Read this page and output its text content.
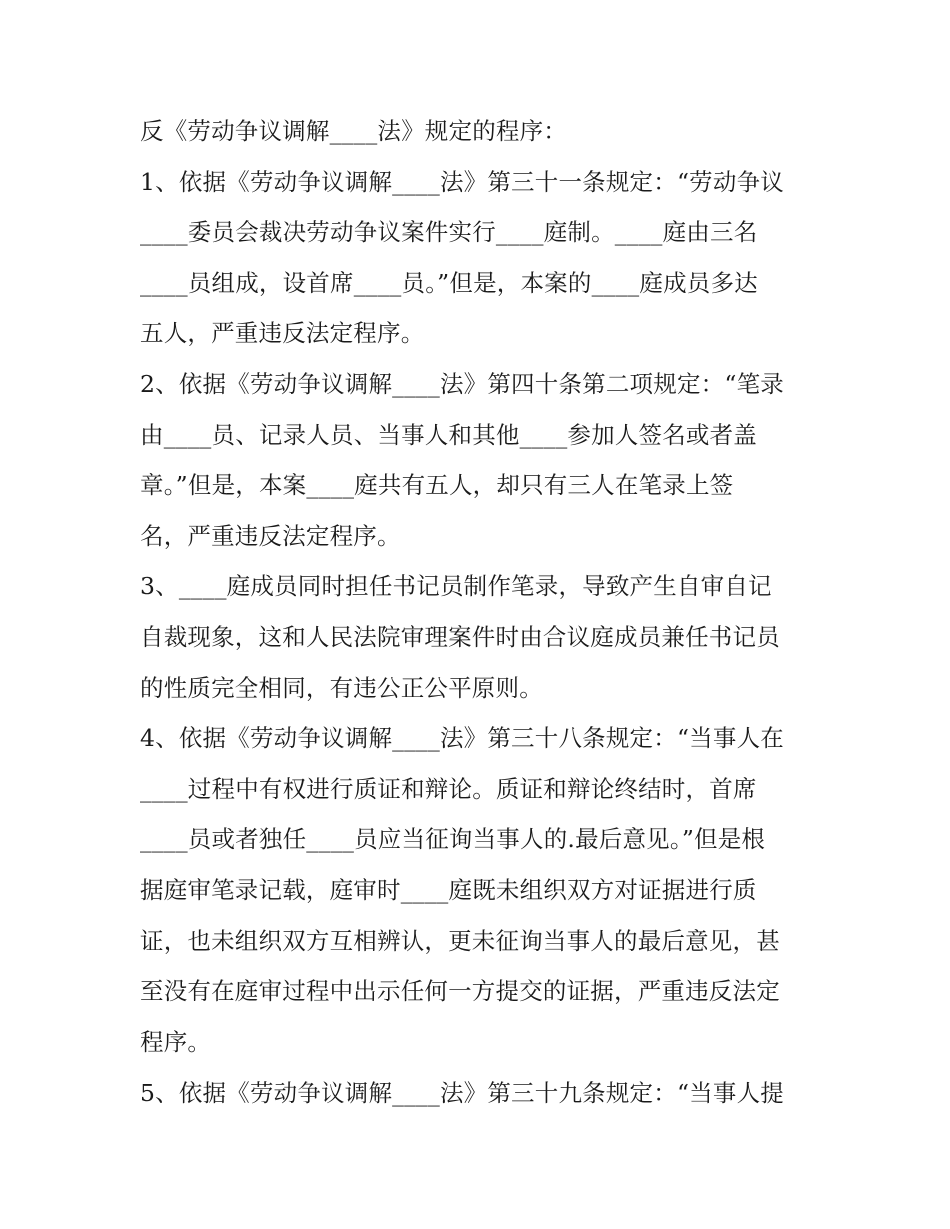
反《劳动争议调解____法》规定的程序：
1、依据《劳动争议调解____法》第三十一条规定：“劳动争议
____委员会裁决劳动争议案件实行____庭制。____庭由三名
____员组成，设首席____员。”但是，本案的____庭成员多达
五人，严重违反法定程序。
2、依据《劳动争议调解____法》第四十条第二项规定：“笔录
由____员、记录人员、当事人和其他____参加人签名或者盖
章。”但是，本案____庭共有五人，却只有三人在笔录上签
名，严重违反法定程序。
3、____庭成员同时担任书记员制作笔录，导致产生自审自记
自裁现象，这和人民法院审理案件时由合议庭成员兼任书记员
的性质完全相同，有违公正公平原则。
4、依据《劳动争议调解____法》第三十八条规定：“当事人在
____过程中有权进行质证和辩论。质证和辩论终结时，首席
____员或者独任____员应当征询当事人的.最后意见。”但是根
据庭审笔录记载，庭审时____庭既未组织双方对证据进行质
证，也未组织双方互相辨认，更未征询当事人的最后意见，甚
至没有在庭审过程中出示任何一方提交的证据，严重违反法定
程序。
5、依据《劳动争议调解____法》第三十九条规定：“当事人提
